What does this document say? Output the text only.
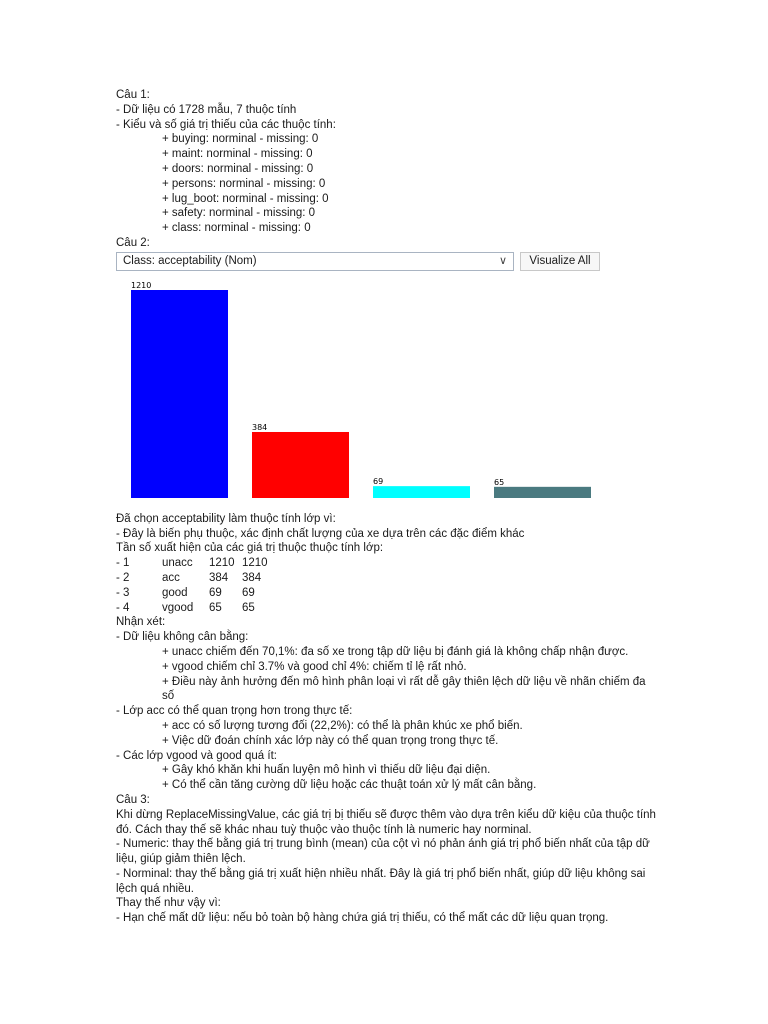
Câu 1:
- Dữ liệu có 1728 mẫu, 7 thuộc tính
- Kiểu và số giá trị thiếu của các thuộc tính:
+ buying: norminal - missing: 0
+ maint: norminal - missing: 0
+ doors: norminal - missing: 0
+ persons: norminal - missing: 0
+ lug_boot: norminal - missing: 0
+ safety: norminal - missing: 0
+ class: norminal - missing: 0
Câu 2:
Class: acceptability (Nom)	∨	Visualize All
1210
384
69	65
Đã chọn acceptability làm thuộc tính lớp vì:
- Đây là biến phụ thuộc, xác định chất lượng của xe dựa trên các đặc điểm khác
Tần số xuất hiện của các giá trị thuộc thuộc tính lớp:
- 1	unacc	1210 1210
- 2	acc	384	384
- 3	good	69	69
- 4	vgood	65	65
Nhận xét:
- Dữ liệu không cân bằng:
+ unacc chiếm đến 70,1%: đa số xe trong tập dữ liệu bị đánh giá là không chấp nhận được.
+ vgood chiếm chỉ 3.7% và good chỉ 4%: chiếm tỉ lệ rất nhỏ.
+ Điều này ảnh hưởng đến mô hình phân loại vì rất dễ gây thiên lệch dữ liệu về nhãn chiếm đa số
- Lớp acc có thể quan trọng hơn trong thực tế:
+ acc có số lượng tương đối (22,2%): có thể là phân khúc xe phổ biến.
+ Việc dữ đoán chính xác lớp này có thể quan trọng trong thực tế.
- Các lớp vgood và good quá ít:
+ Gây khó khăn khi huấn luyện mô hình vì thiếu dữ liệu đại diện.
+ Có thể cần tăng cường dữ liệu hoặc các thuật toán xử lý mất cân bằng.
Câu 3:
Khi dừng ReplaceMissingValue, các giá trị bị thiếu sẽ được thêm vào dựa trên kiểu dữ kiệu của thuộc tính đó. Cách thay thế sẽ khác nhau tuỳ thuộc vào thuộc tính là numeric hay norminal.
- Numeric: thay thế bằng giá trị trung bình (mean) của cột vì nó phản ánh giá trị phổ biến nhất của tập dữ liệu, giúp giảm thiên lệch.
- Norminal: thay thế bằng giá trị xuất hiện nhiều nhất. Đây là giá trị phổ biến nhất, giúp dữ liệu không sai lệch quá nhiều.
Thay thế như vậy vì:
- Hạn chế mất dữ liệu: nếu bỏ toàn bộ hàng chứa giá trị thiếu, có thể mất các dữ liệu quan trọng.
